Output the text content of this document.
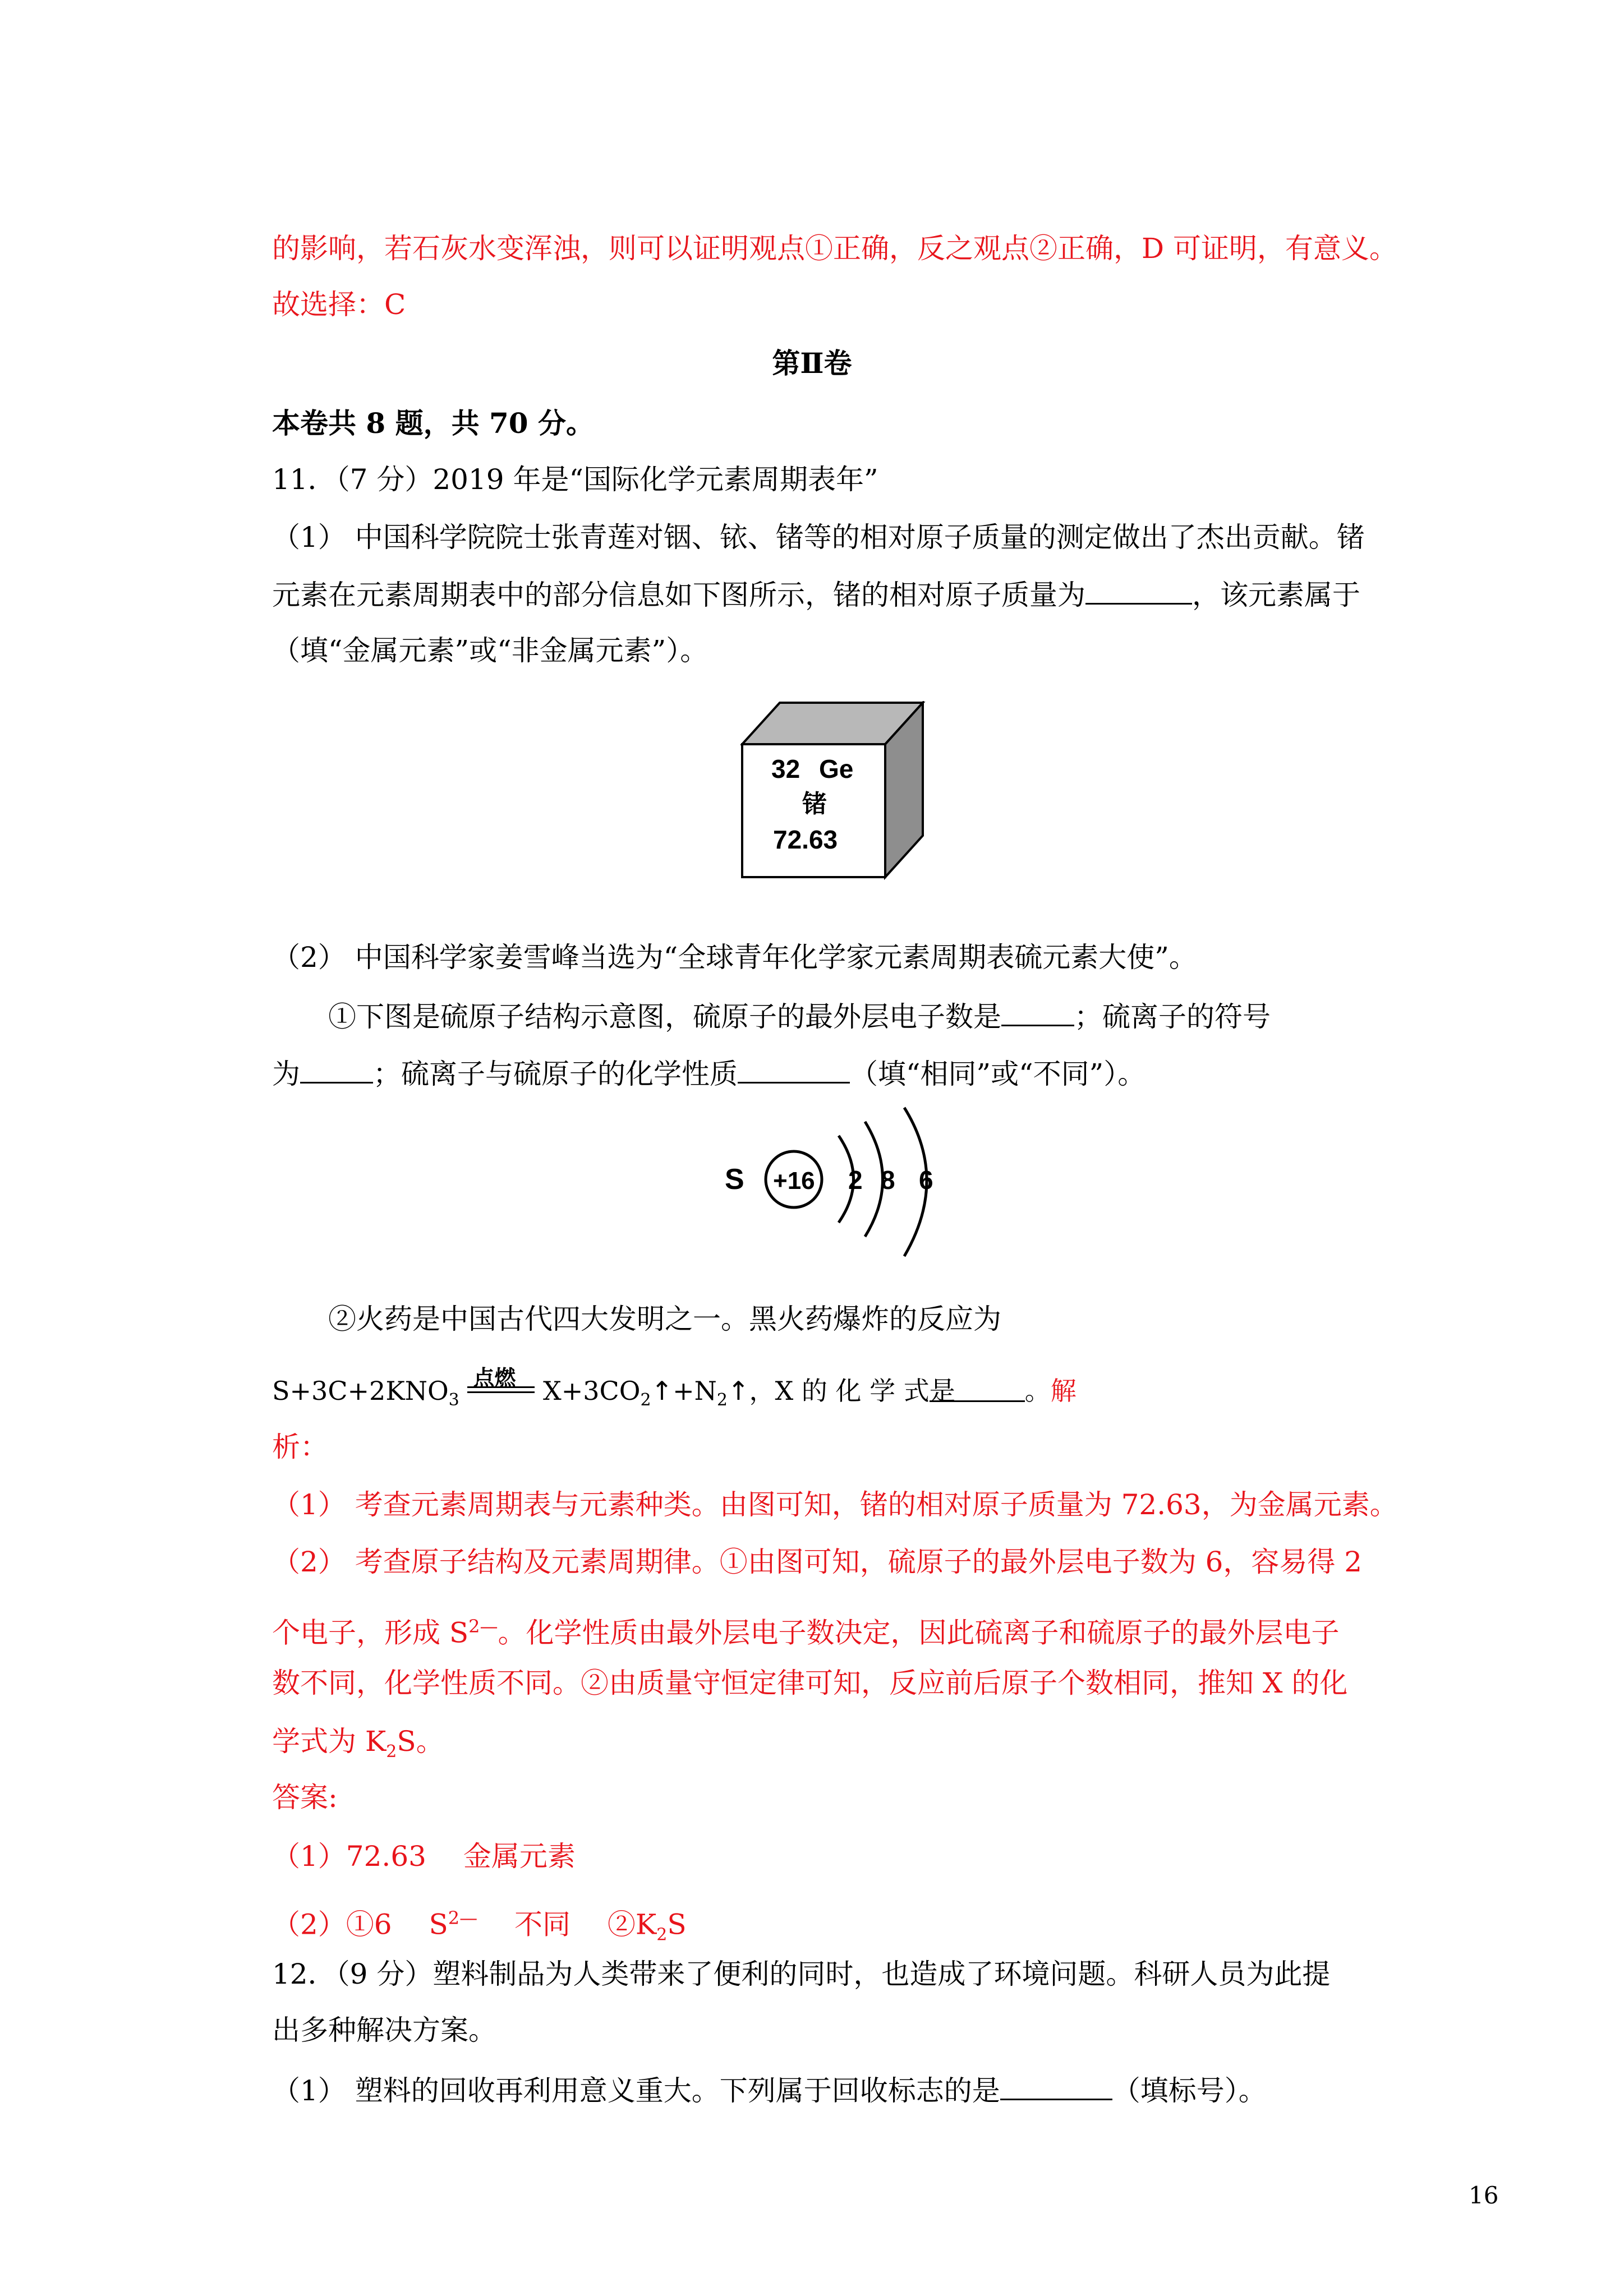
的影响，若石灰水变浑浊，则可以证明观点①正确，反之观点②正确，D 可证明，有意义。
故选择：C
第Ⅱ卷
本卷共 8 题，共 70 分。
11．（7 分）2019 年是“国际化学元素周期表年”
（1） 中国科学院院士张青莲对铟、铱、锗等的相对原子质量的测定做出了杰出贡献。锗
元素在元素周期表中的部分信息如下图所示，锗的相对原子质量为	，该元素属于
（填“金属元素”或“非金属元素”）。
32 Ge
锗
72.63
（2） 中国科学家姜雪峰当选为“全球青年化学家元素周期表硫元素大使”。
①下图是硫原子结构示意图，硫原子的最外层电子数是	；硫离子的符号
为	；硫离子与硫原子的化学性质	（填“相同”或“不同”）。
S +16 2 8 6
②火药是中国古代四大发明之一。黑火药爆炸的反应为
$S+3C+2KNO_3$
点燃 $X+3CO_2↑+N_2↑$，X 的 化 学 式是	。解
析：
（1） 考查元素周期表与元素种类。由图可知，锗的相对原子质量为 72.63，为金属元素。
（2） 考查原子结构及元素周期律。①由图可知，硫原子的最外层电子数为 6，容易得 2
个电子，形成 $S^{2—}$。化学性质由最外层电子数决定，因此硫离子和硫原子的最外层电子
数不同，化学性质不同。②由质量守恒定律可知，反应前后原子个数相同，推知 X 的化
学式为 $K_2S$。
答案:
（1）72.63　 金属元素
（2）①6　 $S^{2—}$　 不同　 $②K_2S$
12．（9 分）塑料制品为人类带来了便利的同时，也造成了环境问题。科研人员为此提
出多种解决方案。
（1） 塑料的回收再利用意义重大。下列属于回收标志的是	（填标号）。
16
